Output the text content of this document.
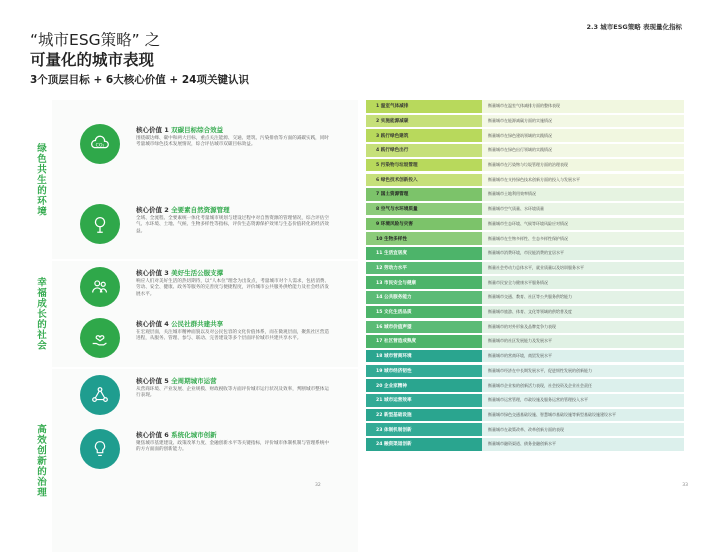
2.3 城市ESG策略 表现量化指标
“城市ESG策略” 之
可量化的城市表现
3个顶层目标 + 6大核心价值 + 24项关键认识
绿色共生的环境	CO₂
核心价值 1 双碳目标综合效益
围绕碳达峰、碳中和两大目标，重点关注能源、交通、建筑、污染排放等方面的减碳实践，同时考量城市绿色技术发展情况，综合评估城市双碳目标效益。
核心价值 2 全要素自然资源管理
全域、全流程、全要素统一体化考量城市规划与建设过程中对自然资源的管理情况，综合评估空气、水环境、土地、气候、生物多样性等指标，评价生态资源保护效果与生态价值转化的经济效益。
幸福成长的社会
核心价值 3 美好生活公服支撑
响应人们对美好生活的热切期待，以“人本位”理念为出发点，考量城市对个人需求，包括消费、劳动、安全、健康、政务等服务的完善度与便捷程度，评价城市公共服务供给能力及社会经济发展水平。
核心价值 4 公民社群共建共享
在宏观层面，关注城市精神面貌以及对公民包容的文化价值体系，而在微观层面，聚焦社区营造进程，从服务、管理、参与、联动、完善建设等多个层面评价城市共建共享水平。
高效创新的治理
核心价值 5 全周期城市运营
从营商环境、产业发展、企业规模、财政税收等方面评价城市运行状况及效率，判断城市整体运行表现。
核心价值 6 系统化城市创新
聚焦城市基建建设、政策改革力度、金融创新水平等关键指标，评价城市体制机制与管理系统中的方方面面的创新能力。
1 温室气体减排	衡量城市在温室气体减排方面的整体表现
2 实施能源减碳	衡量城市在能源减碳方面的实施情况
3 践行绿色建筑	衡量城市在绿色建筑领域的实践情况
4 践行绿色出行	衡量城市在绿色出行领域的实践情况
5 污染物与垃圾管理	衡量城市在污染物与垃圾管理方面的治理表现
6 绿色技术创新投入	衡量城市在支持绿色技术创新方面的投入与发展水平
7 国土资源管理	衡量城市土地利用效率情况
8 空气与水环境质量	衡量城市空气质量、水环境质量
9 环境风险与灾害	衡量城市生态环境、气候等环境风险应对情况
10 生物多样性	衡量城市在生物多样性、生态多样性保护情况
11 生活宜居度	衡量城市消费环境，市民能消费的宜居水平
12 劳动力水平	衡量社会劳动力总体水平，就业质量以及培训服务水平
13 市民安全与健康	衡量市民安全与健康水平服务情况
14 公共服务能力	衡量城市交通、教育、社区等公共服务供给能力
15 文化生活品质	衡量城市旅游、体育、文化等领域的供给普及度
16 城市价值声望	衡量城市的对外形象及品牌竞争力表现
17 社区营造成熟度	衡量城市的社区发展能力及发展水平
18 城市营商环境	衡量城市的营商环境，商贸发展水平
19 城市经济韧性	衡量城市经济在中长期发展水平，促进韧性发展的创新能力
20 企业家精神	衡量城市企业家的创新活力表现，社会投资及企业社会责任
21 城市运营效率	衡量城市运营管理，市政设施及服务运营的管理投入水平
22 新型基础设施	衡量城市绿色交通基础设施、智慧城市基础设施等新型基础设施建设水平
23 体制机制创新	衡量城市在政策改革、改革创新方面的表现
24 融资渠道创新	衡量城市融资渠道、债务金融创新水平
32	33
